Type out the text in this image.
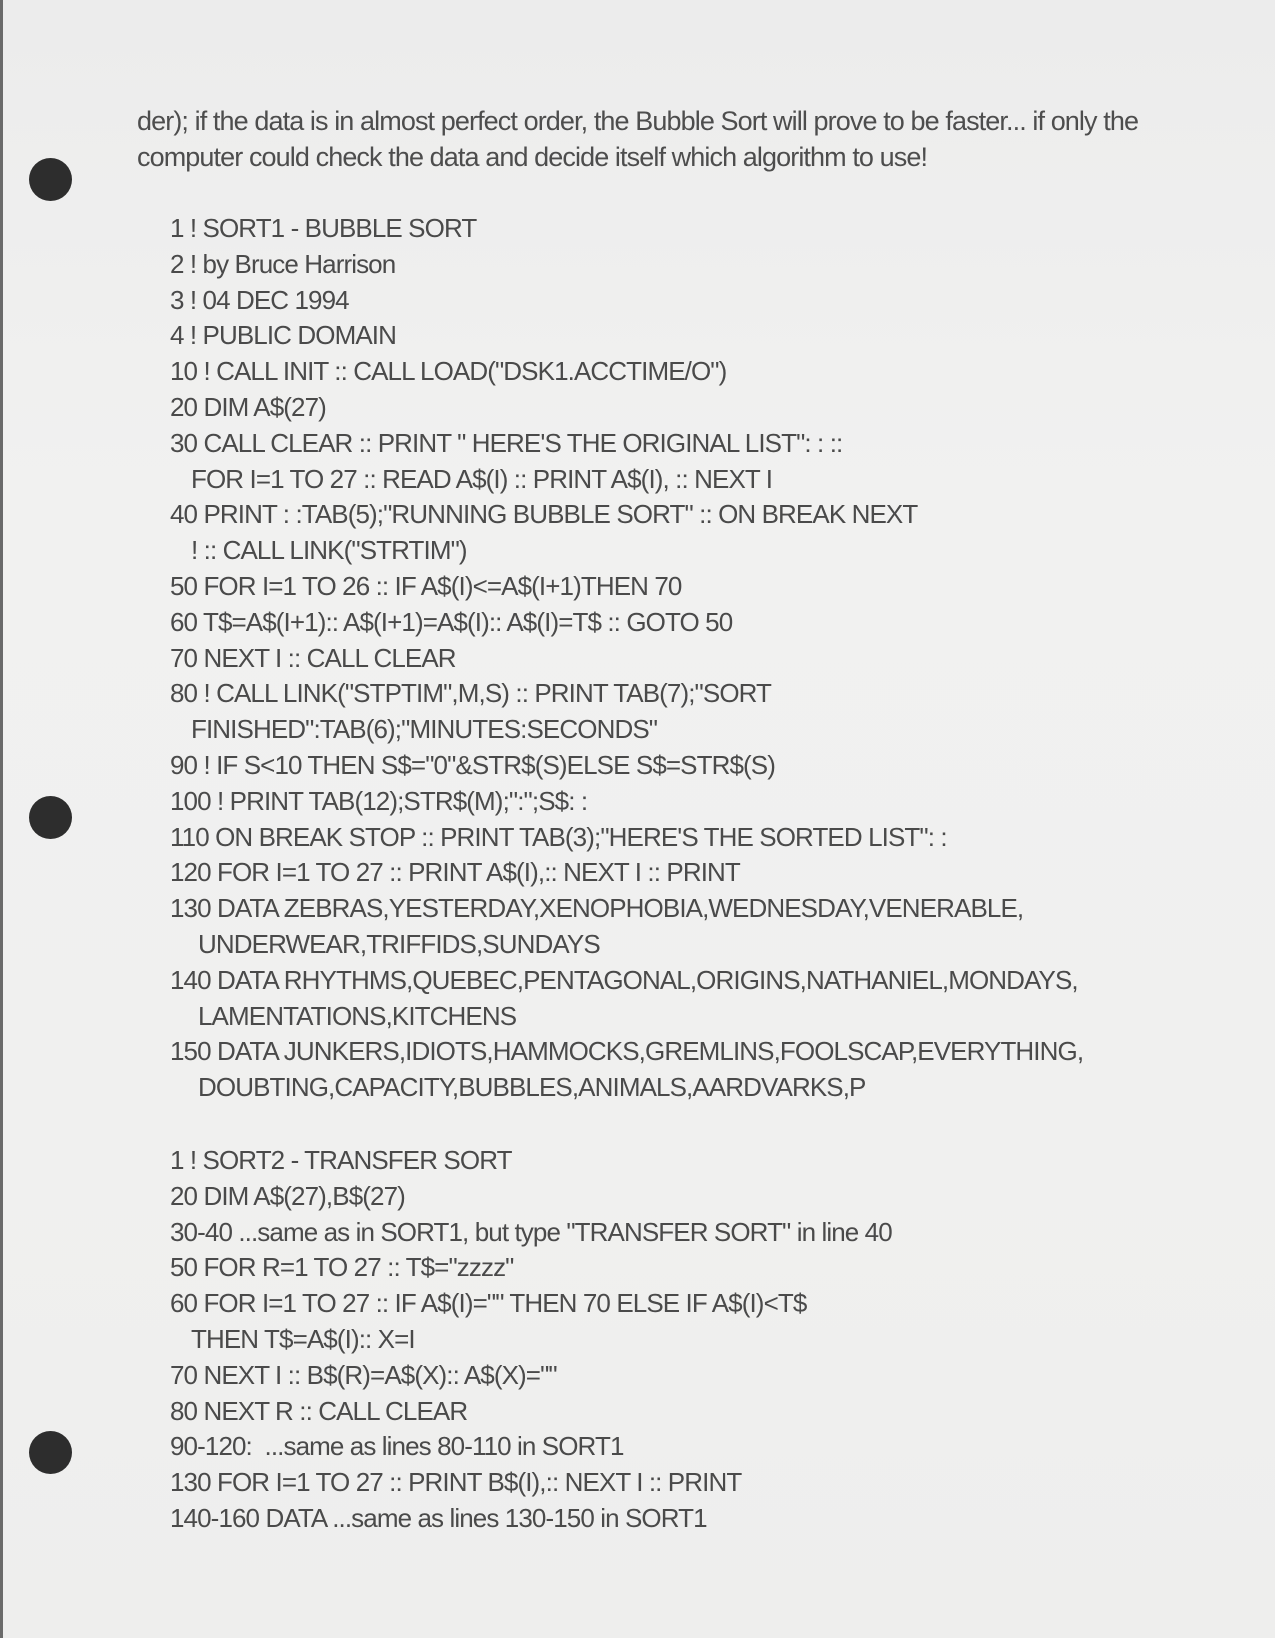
der); if the data is in almost perfect order, the Bubble Sort will prove to be faster... if only the computer could check the data and decide itself which algorithm to use!

1 ! SORT1 - BUBBLE SORT
2 ! by Bruce Harrison
3 ! 04 DEC 1994
4 ! PUBLIC DOMAIN
10 ! CALL INIT :: CALL LOAD("DSK1.ACCTIME/O")
20 DIM A$(27)
30 CALL CLEAR :: PRINT " HERE'S THE ORIGINAL LIST": : ::
FOR I=1 TO 27 :: READ A$(I) :: PRINT A$(I), :: NEXT I
40 PRINT : :TAB(5);"RUNNING BUBBLE SORT" :: ON BREAK NEXT
! :: CALL LINK("STRTIM")
50 FOR I=1 TO 26 :: IF A$(I)<=A$(I+1)THEN 70
60 T$=A$(I+1):: A$(I+1)=A$(I):: A$(I)=T$ :: GOTO 50
70 NEXT I :: CALL CLEAR
80 ! CALL LINK("STPTIM",M,S) :: PRINT TAB(7);"SORT
FINISHED":TAB(6);"MINUTES:SECONDS"
90 ! IF S<10 THEN S$="0"&STR$(S)ELSE S$=STR$(S)
100 ! PRINT TAB(12);STR$(M);":";S$: :
110 ON BREAK STOP :: PRINT TAB(3);"HERE'S THE SORTED LIST": :
120 FOR I=1 TO 27 :: PRINT A$(I),:: NEXT I :: PRINT
130 DATA ZEBRAS,YESTERDAY,XENOPHOBIA,WEDNESDAY,VENERABLE,
UNDERWEAR,TRIFFIDS,SUNDAYS
140 DATA RHYTHMS,QUEBEC,PENTAGONAL,ORIGINS,NATHANIEL,MONDAYS,
LAMENTATIONS,KITCHENS
150 DATA JUNKERS,IDIOTS,HAMMOCKS,GREMLINS,FOOLSCAP,EVERYTHING,
DOUBTING,CAPACITY,BUBBLES,ANIMALS,AARDVARKS,P
1 ! SORT2 - TRANSFER SORT
20 DIM A$(27),B$(27)
30-40 ...same as in SORT1, but type "TRANSFER SORT" in line 40
50 FOR R=1 TO 27 :: T$="zzzz"
60 FOR I=1 TO 27 :: IF A$(I)="" THEN 70 ELSE IF A$(I)<T$
THEN T$=A$(I):: X=I
70 NEXT I :: B$(R)=A$(X):: A$(X)=""
80 NEXT R :: CALL CLEAR
90-120:  ...same as lines 80-110 in SORT1
130 FOR I=1 TO 27 :: PRINT B$(I),:: NEXT I :: PRINT
140-160 DATA ...same as lines 130-150 in SORT1
